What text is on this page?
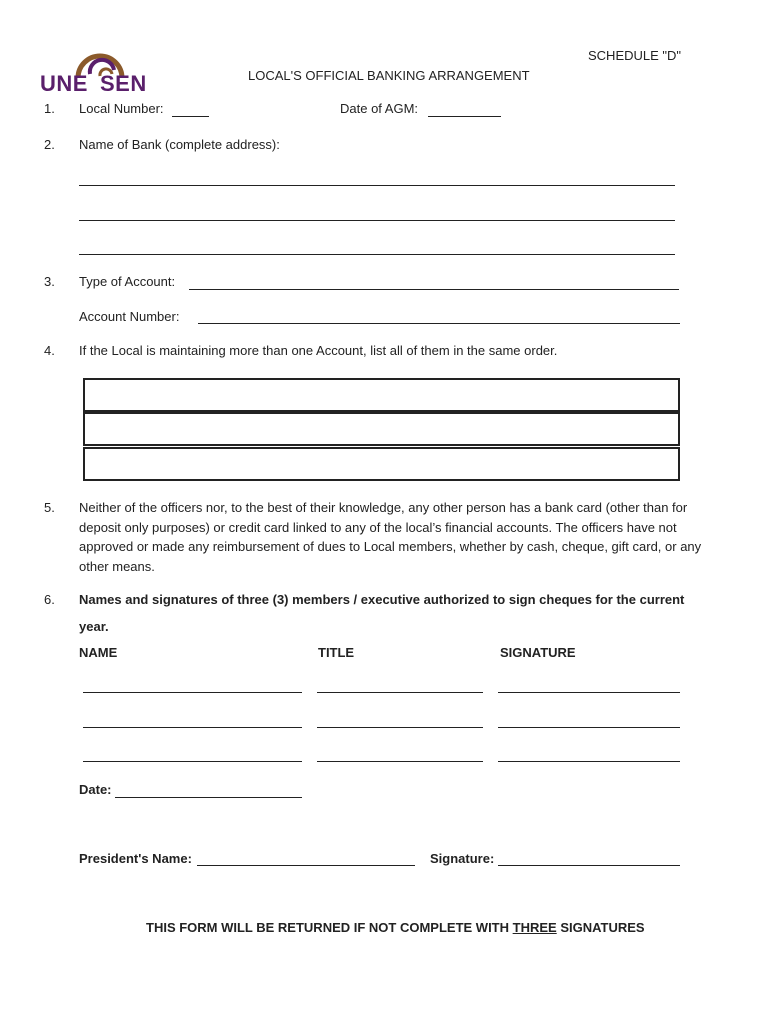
UNE SEN
SCHEDULE "D"
LOCAL'S OFFICIAL BANKING ARRANGEMENT
1. Local Number:	Date of AGM:
2. Name of Bank (complete address):
3. Type of Account:
Account Number:
4. If the Local is maintaining more than one Account, list all of them in the same order.
5. Neither of the officers nor, to the best of their knowledge, any other person has a bank card (other than for deposit only purposes) or credit card linked to any of the local’s financial accounts. The officers have not approved or made any reimbursement of dues to Local members, whether by cash, cheque, gift card, or any other means.
6. Names and signatures of three (3) members / executive authorized to sign cheques for the current
year.
NAME	TITLE	SIGNATURE
Date:
President's Name:	Signature:
THIS FORM WILL BE RETURNED IF NOT COMPLETE WITH THREE SIGNATURES
